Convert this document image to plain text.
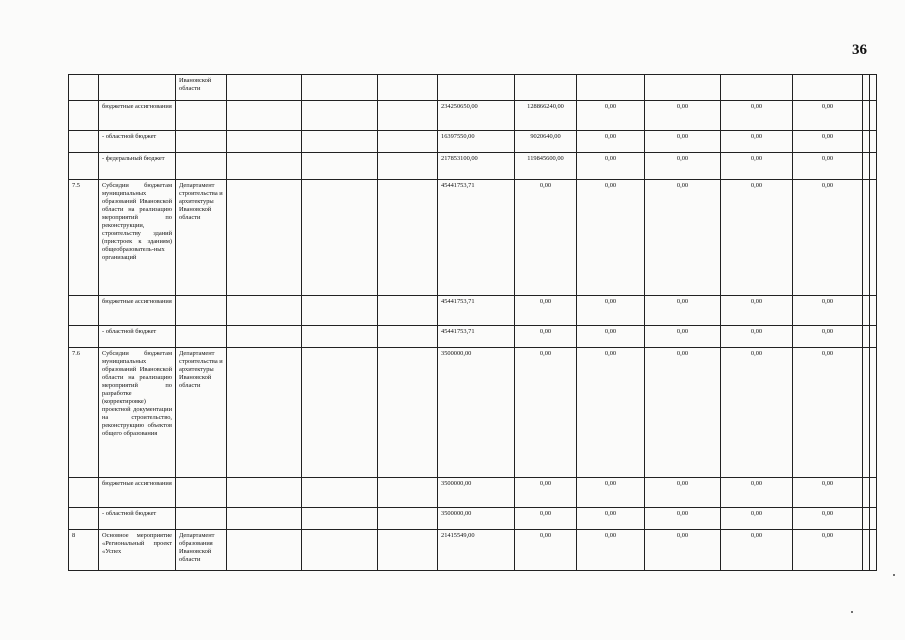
36
		Ивановской области											
	бюджетные ассигнования					234250650,00	128866240,00	0,00	0,00	0,00	0,00		
	- областной бюджет					16397550,00	9020640,00	0,00	0,00	0,00	0,00		
	- федеральный бюджет					217853100,00	119845600,00	0,00	0,00	0,00	0,00		
7.5	Субсидии бюджетам муниципальных образований Ивановской области на реализацию мероприятий по реконструкции, строительству зданий (пристроек к зданиям) общеобразователь-ных организаций	Департамент строительства и архитектуры Ивановской области				45441753,71	0,00	0,00	0,00	0,00	0,00		
	бюджетные ассигнования					45441753,71	0,00	0,00	0,00	0,00	0,00		
	- областной бюджет					45441753,71	0,00	0,00	0,00	0,00	0,00		
7.6	Субсидии бюджетам муниципальных образований Ивановской области на реализацию мероприятий по разработке (корректировке) проектной документации на строительство, реконструкцию объектов общего образования	Департамент строительства и архитектуры Ивановской области				3500000,00	0,00	0,00	0,00	0,00	0,00		
	бюджетные ассигнования					3500000,00	0,00	0,00	0,00	0,00	0,00		
	- областной бюджет					3500000,00	0,00	0,00	0,00	0,00	0,00		
8	Основное мероприятие «Региональный проект «Успех	Департамент образования Ивановской области				21415549,00	0,00	0,00	0,00	0,00	0,00		
